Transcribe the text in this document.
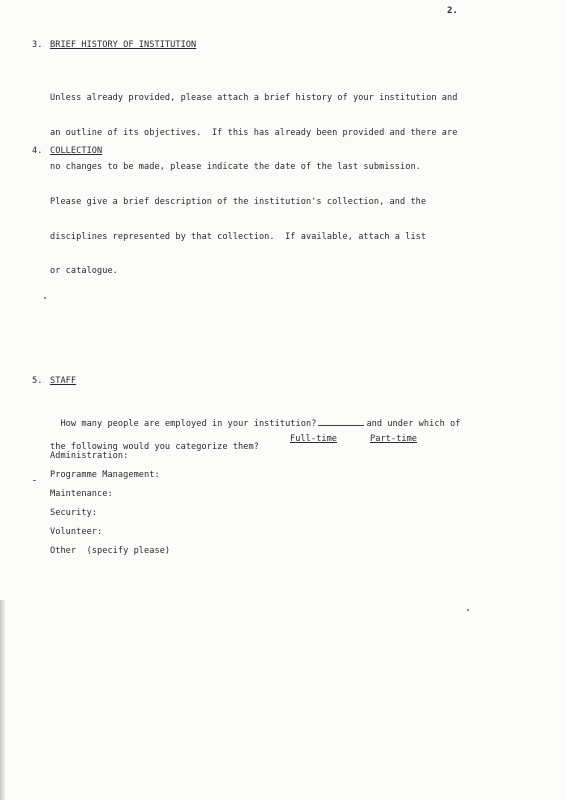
2.
3. BRIEF HISTORY OF INSTITUTION

Unless already provided, please attach a brief history of your institution and

an outline of its objectives.  If this has already been provided and there are

no changes to be made, please indicate the date of the last submission.

4. COLLECTION

Please give a brief description of the institution's collection, and the

disciplines represented by that collection.  If available, attach a list

or catalogue.

5. STAFF

How many people are employed in your institution?	and under which of

the following would you categorize them?

Full-time	Part-time
Administration:
Programme Management:
Maintenance:
Security:
Volunteer:
Other  (specify please)
